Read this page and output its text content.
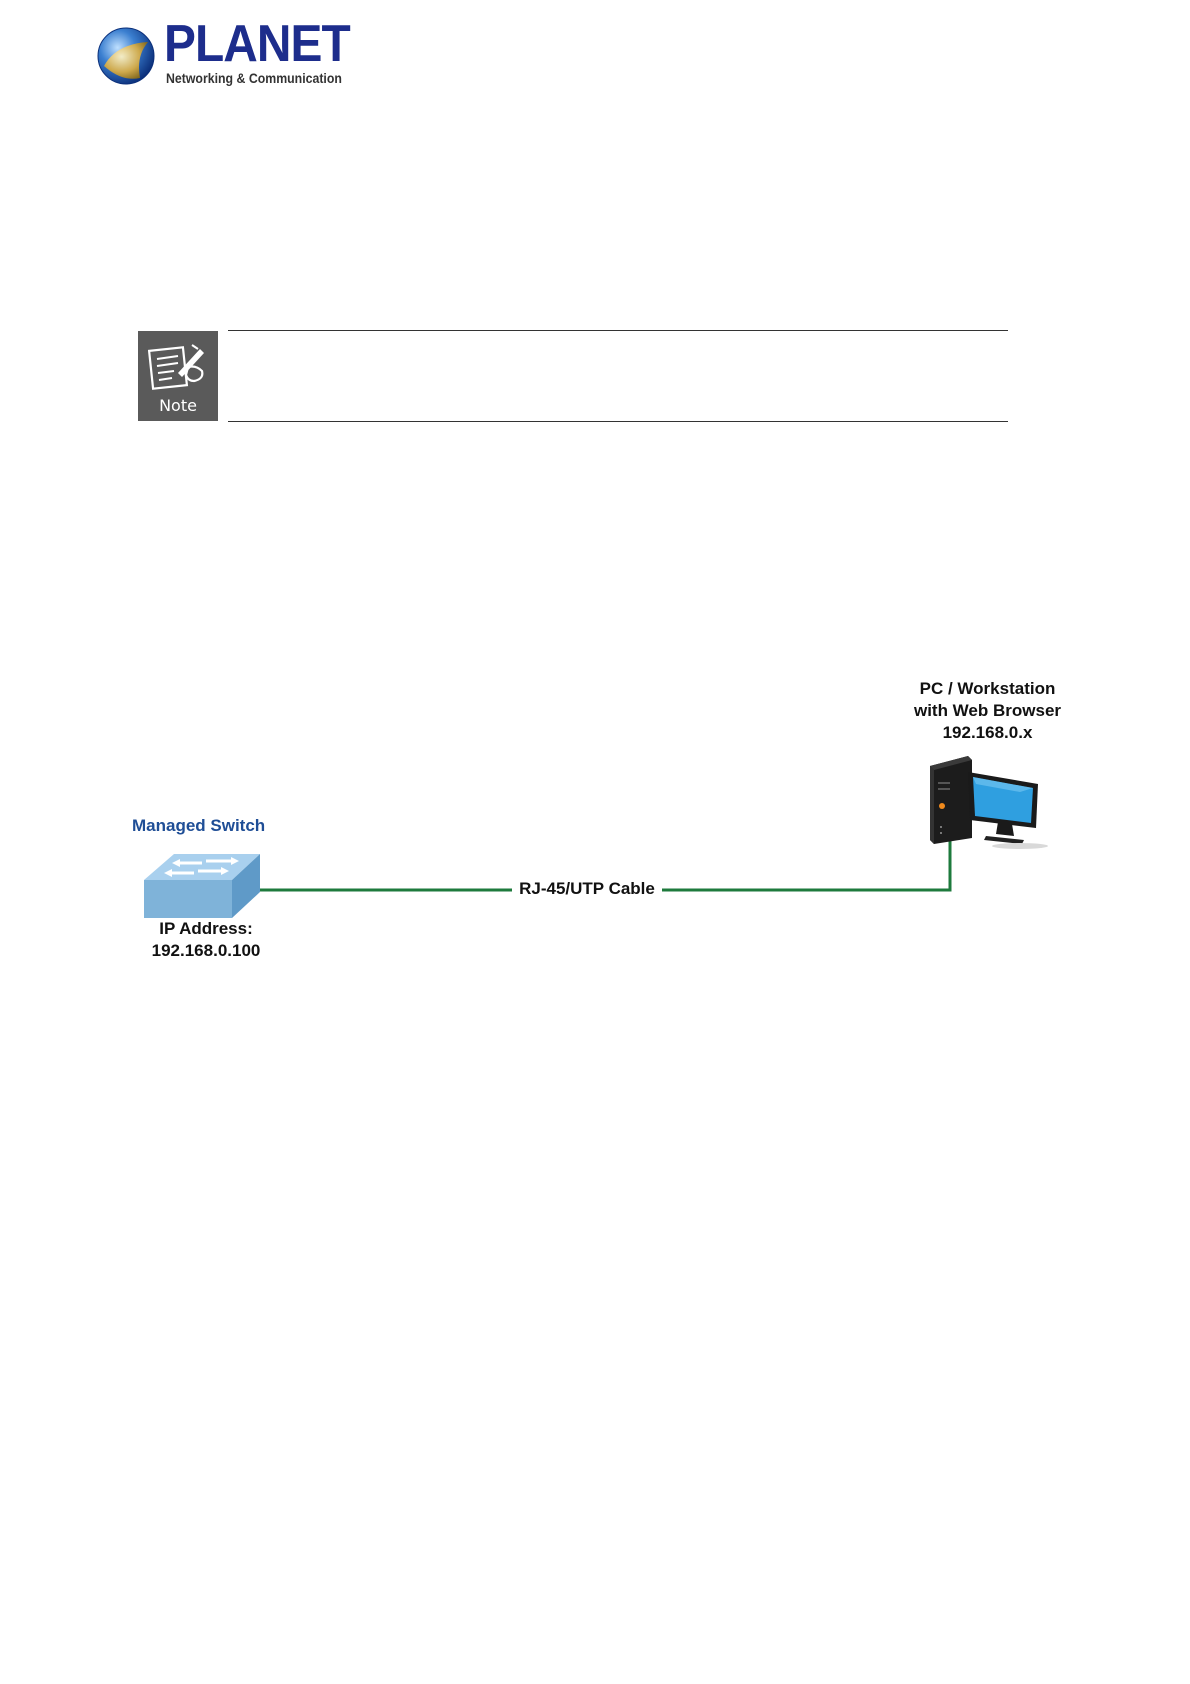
PLANET
Networking & Communication
Note
PC / Workstation
with Web Browser
192.168.0.x
Managed Switch
IP Address:
192.168.0.100
RJ-45/UTP Cable
